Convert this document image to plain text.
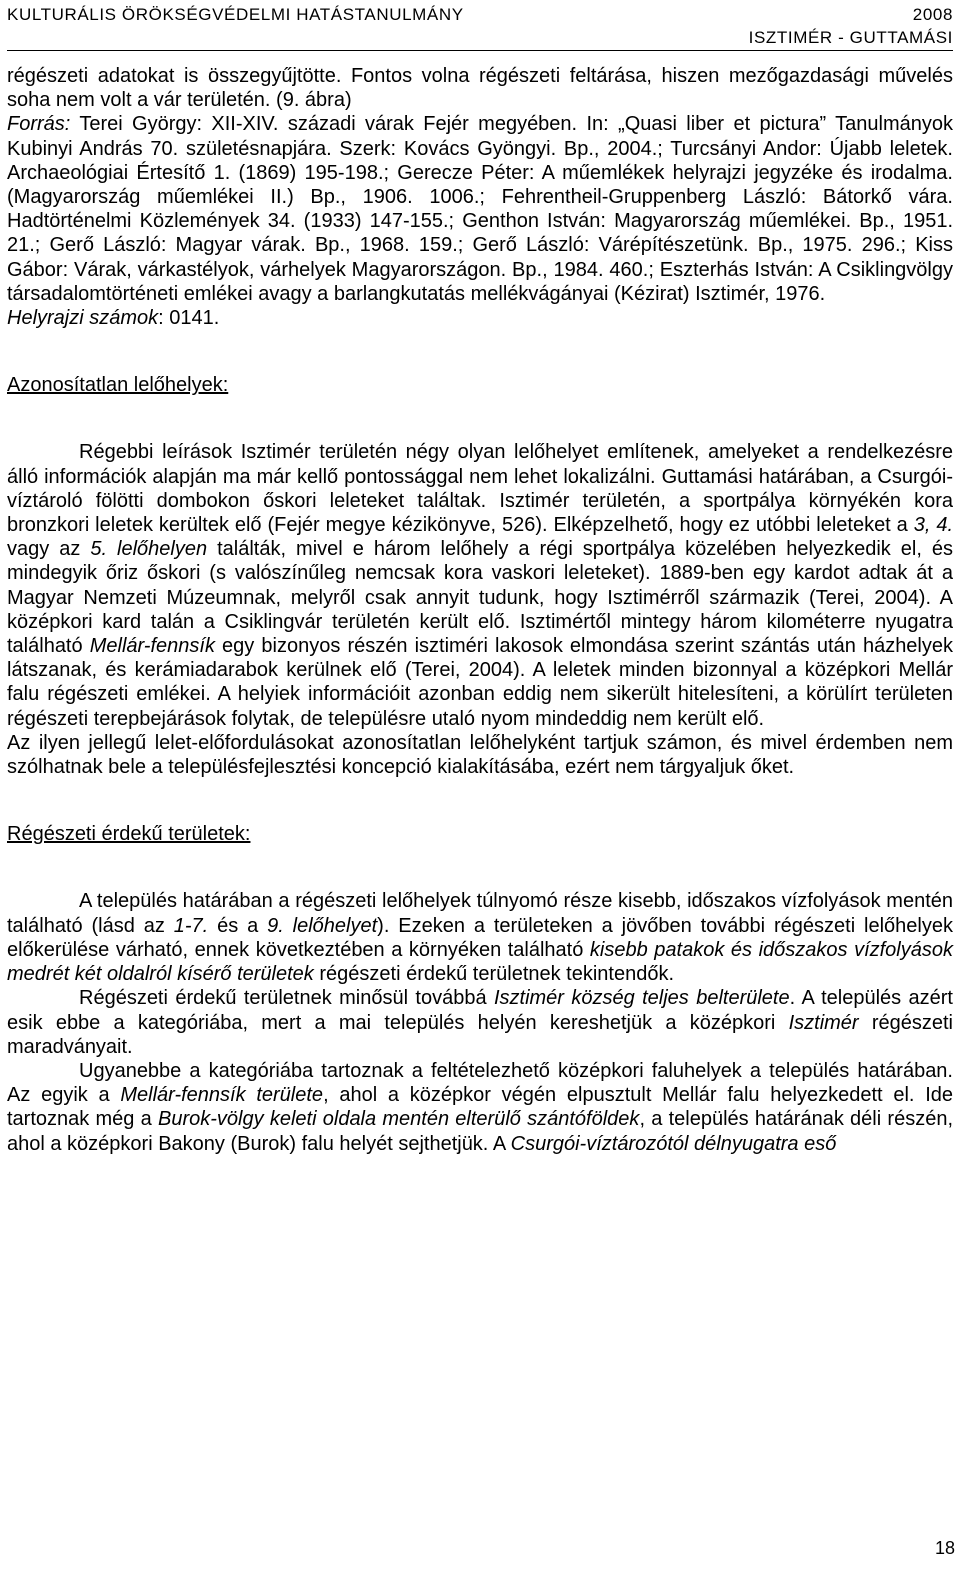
KULTURÁLIS ÖRÖKSÉGVÉDELMI HATÁSTANULMÁNY	2008
ISZTIMÉR - GUTTAMÁSI

régészeti adatokat is összegyűjtötte. Fontos volna régészeti feltárása, hiszen mezőgazdasági művelés soha nem volt a vár területén. (9. ábra)
Forrás: Terei György: XII-XIV. századi várak Fejér megyében. In: „Quasi liber et pictura” Tanulmányok Kubinyi András 70. születésnapjára. Szerk: Kovács Gyöngyi. Bp., 2004.; Turcsányi Andor: Újabb leletek. Archaeológiai Értesítő 1. (1869) 195-198.; Gerecze Péter: A műemlékek helyrajzi jegyzéke és irodalma. (Magyarország műemlékei II.) Bp., 1906. 1006.; Fehrentheil-Gruppenberg László: Bátorkő vára. Hadtörténelmi Közlemények 34. (1933) 147-155.; Genthon István: Magyarország műemlékei. Bp., 1951. 21.; Gerő László: Magyar várak. Bp., 1968. 159.; Gerő László: Várépítészetünk. Bp., 1975. 296.; Kiss Gábor: Várak, várkastélyok, várhelyek Magyarországon. Bp., 1984. 460.; Eszterhás István: A Csiklingvölgy társadalomtörténeti emlékei avagy a barlangkutatás mellékvágányai (Kézirat) Isztimér, 1976.
Helyrajzi számok: 0141.

Azonosítatlan lelőhelyek:

Régebbi leírások Isztimér területén négy olyan lelőhelyet említenek, amelyeket a rendelkezésre álló információk alapján ma már kellő pontossággal nem lehet lokalizálni. Guttamási határában, a Csurgói-víztároló fölötti dombokon őskori leleteket találtak. Isztimér területén, a sportpálya környékén kora bronzkori leletek kerültek elő (Fejér megye kézikönyve, 526). Elképzelhető, hogy ez utóbbi leleteket a 3, 4. vagy az 5. lelőhelyen találták, mivel e három lelőhely a régi sportpálya közelében helyezkedik el, és mindegyik őriz őskori (s valószínűleg nemcsak kora vaskori leleteket). 1889-ben egy kardot adtak át a Magyar Nemzeti Múzeumnak, melyről csak annyit tudunk, hogy Isztimérről származik (Terei, 2004). A középkori kard talán a Csiklingvár területén került elő. Isztimértől mintegy három kilométerre nyugatra található Mellár-fennsík egy bizonyos részén isztiméri lakosok elmondása szerint szántás után házhelyek látszanak, és kerámiadarabok kerülnek elő (Terei, 2004). A leletek minden bizonnyal a középkori Mellár falu régészeti emlékei. A helyiek információit azonban eddig nem sikerült hitelesíteni, a körülírt területen régészeti terepbejárások folytak, de településre utaló nyom mindeddig nem került elő.

Az ilyen jellegű lelet-előfordulásokat azonosítatlan lelőhelyként tartjuk számon, és mivel érdemben nem szólhatnak bele a településfejlesztési koncepció kialakításába, ezért nem tárgyaljuk őket.

Régészeti érdekű területek:

A település határában a régészeti lelőhelyek túlnyomó része kisebb, időszakos vízfolyások mentén található (lásd az 1-7. és a 9. lelőhelyet). Ezeken a területeken a jövőben további régészeti lelőhelyek előkerülése várható, ennek következtében a környéken található kisebb patakok és időszakos vízfolyások medrét két oldalról kísérő területek régészeti érdekű területnek tekintendők.

Régészeti érdekű területnek minősül továbbá Isztimér község teljes belterülete. A település azért esik ebbe a kategóriába, mert a mai település helyén kereshetjük a középkori Isztimér régészeti maradványait.

Ugyanebbe a kategóriába tartoznak a feltételezhető középkori faluhelyek a település határában. Az egyik a Mellár-fennsík területe, ahol a középkor végén elpusztult Mellár falu helyezkedett el. Ide tartoznak még a Burok-völgy keleti oldala mentén elterülő szántóföldek, a település határának déli részén, ahol a középkori Bakony (Burok) falu helyét sejthetjük. A Csurgói-víztározótól délnyugatra eső

18
